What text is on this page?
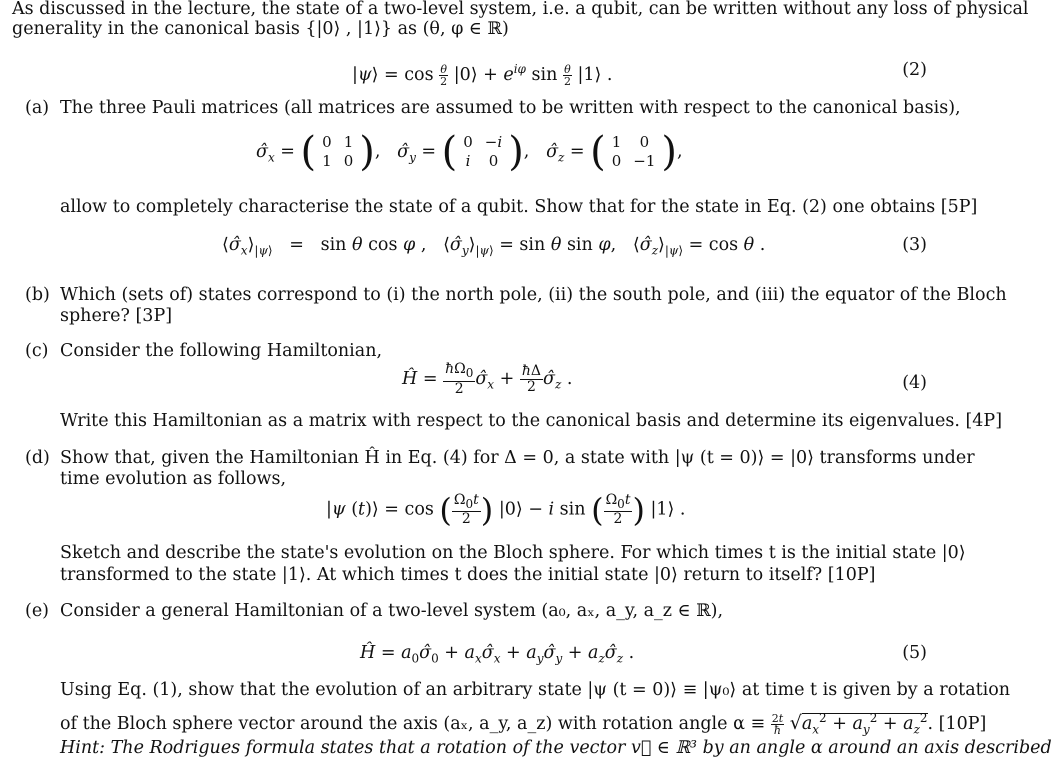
As discussed in the lecture, the state of a two-level system, i.e. a qubit, can be written without any loss of physical
generality in the canonical basis {|0⟩ , |1⟩} as (θ, φ ∈ ℝ)
|ψ⟩ = $\cos \frac{\theta}{2}$ |0⟩ + $e^{i\varphi}$ $\sin \frac{\theta}{2}$ |1⟩ .	(2)
(a) The three Pauli matrices (all matrices are assumed to be written with respect to the canonical basis),
$\sigmâ_x$ = ( 0	1
1	0 ),   $\sigmâ_y$ = ( 0	−i
i	0 ),   $\sigmâ_z$ = ( 1	0
0	−1 ),
allow to completely characterise the state of a qubit. Show that for the state in Eq. (2) one obtains [5P]
$⟨\sigmâ_x⟩_{|\psi⟩} = \sin \theta$ cos φ ,   $⟨\sigmâ_y⟩_{|\psi⟩} = \sin \theta$ sin φ,   $⟨\sigmâ_z⟩_{|\psi⟩} = \cos \theta$ .	(3)
(b) Which (sets of) states correspond to (i) the north pole, (ii) the south pole, and (iii) the equator of the Bloch
sphere? [3P]
(c) Consider the following Hamiltonian,
Ĥ = $\frac{ħ\Omega_0}{2}$ $\sigmâ_x + \frac{ħ\Delta}{2}$ $\sigmâ_z$ .	(4)
Write this Hamiltonian as a matrix with respect to the canonical basis and determine its eigenvalues. [4P]
(d) Show that, given the Hamiltonian Ĥ in Eq. (4) for Δ = 0, a state with |ψ (t = 0)⟩ = |0⟩ transforms under
time evolution as follows,
|ψ (t)⟩ = cos ( $\frac{\Omega_0t}{2}$ ) |0⟩ − i sin ( $\frac{\Omega_0t}{2}$ ) |1⟩ .
Sketch and describe the state's evolution on the Bloch sphere. For which times t is the initial state |0⟩
transformed to the state |1⟩. At which times t does the initial state |0⟩ return to itself? [10P]
(e) Consider a general Hamiltonian of a two-level system (a₀, aₓ, a_y, a_z ∈ ℝ),
Ĥ = $a_0\sigmâ_0$ + $a_x\sigmâ_x$ + $a_y\sigmâ_y$ + $a_z\sigmâ_z$ .	(5)
Using Eq. (1), show that the evolution of an arbitrary state |ψ (t = 0)⟩ ≡ |ψ₀⟩ at time t is given by a rotation
of the Bloch sphere vector around the axis (aₓ, a_y, a_z) with rotation angle $\alpha \equiv \frac{2t}{ħ} √a_x^2 + a_y^2 + a_z^2$. [10P]
Hint: The Rodrigues formula states that a rotation of the vector v⃗ ∈ ℝ³ by an angle α around an axis described
